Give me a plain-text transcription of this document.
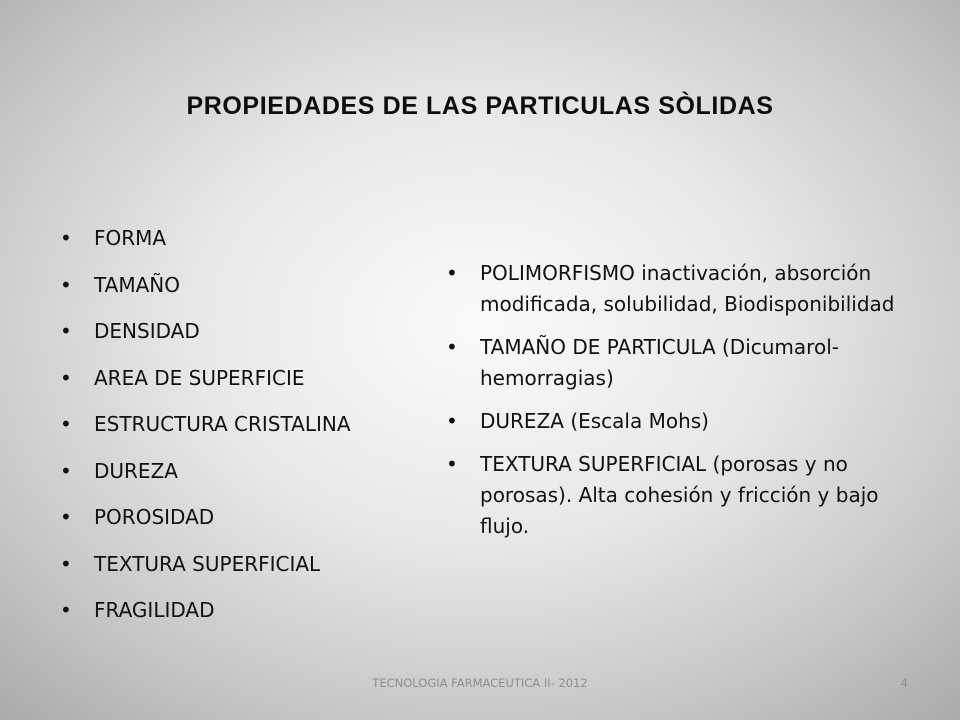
PROPIEDADES DE LAS PARTICULAS SÒLIDAS
• FORMA
• TAMAÑO
• DENSIDAD
• AREA DE SUPERFICIE
• ESTRUCTURA CRISTALINA
• DUREZA
• POROSIDAD
• TEXTURA SUPERFICIAL
• FRAGILIDAD
• POLIMORFISMO inactivación, absorción modificada, solubilidad, Biodisponibilidad
• TAMAÑO DE PARTICULA (Dicumarol-hemorragias)
• DUREZA (Escala Mohs)
• TEXTURA SUPERFICIAL (porosas y no porosas). Alta cohesión y fricción y bajo flujo.
TECNOLOGIA FARMACEUTICA II- 2012	4
